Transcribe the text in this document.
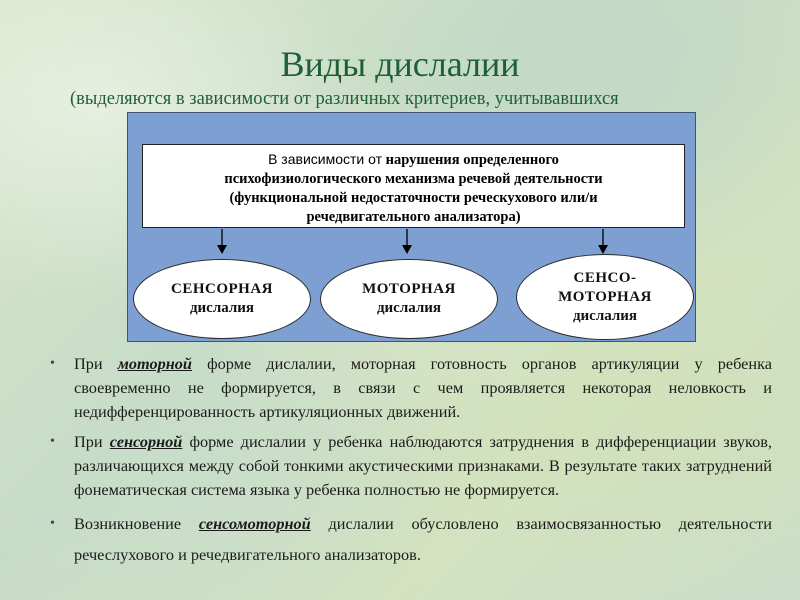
Виды дислалии

(выделяются в зависимости от различных критериев, учитывавшихся

В зависимости от нарушения определенного
психофизиологического механизма речевой деятельности
(функциональной недостаточности реческухового или/и
речедвигательного анализатора)
СЕНСОРНАЯ
дислалия
МОТОРНАЯ
дислалия
СЕНСО-
МОТОРНАЯ
дислалия
• При моторной форме дислалии, моторная готовность органов артикуляции у ребенка своевременно не формируется, в связи с чем проявляется некоторая неловкость и недифференцированность артикуляционных движений.
• При сенсорной форме дислалии у ребенка наблюдаются затруднения в дифференциации звуков, различающихся между собой тонкими акустическими признаками. В результате таких затруднений фонематическая система языка у ребенка полностью не формируется.
• Возникновение сенсомоторной дислалии обусловлено взаимосвязанностью деятельности речеслухового и речедвигательного анализаторов.
